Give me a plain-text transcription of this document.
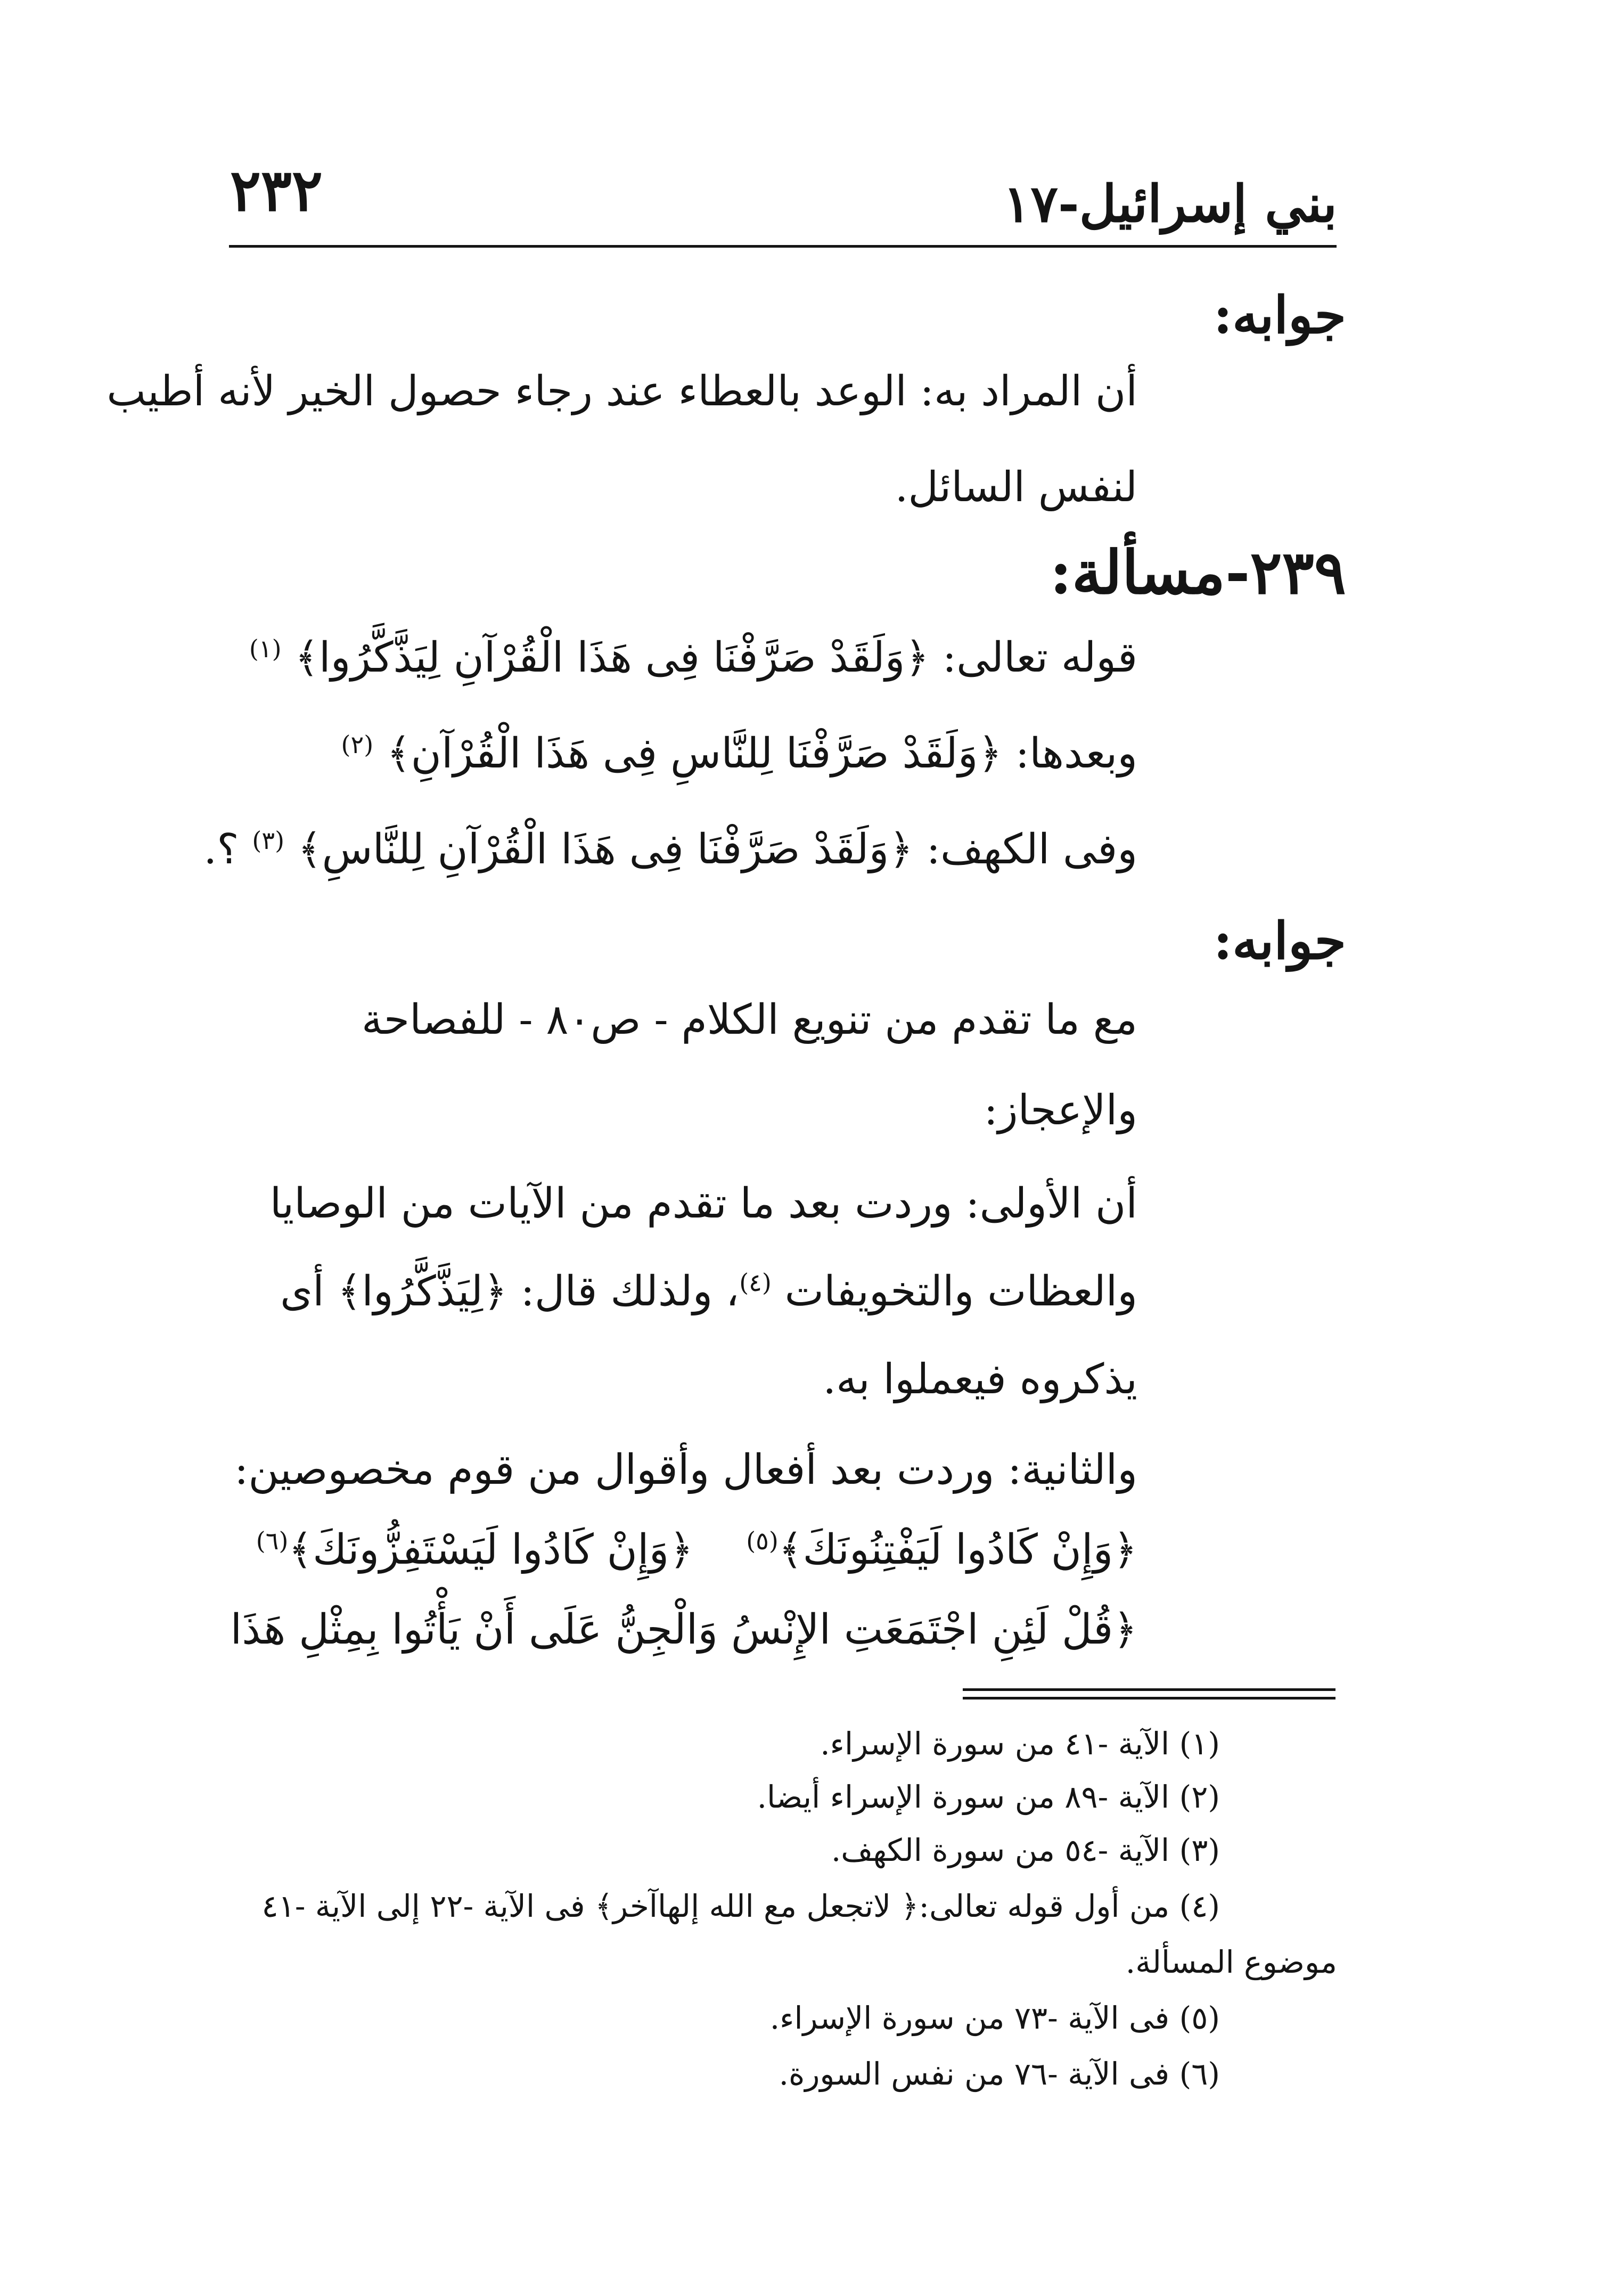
بني إسرائيل-١٧
٢٣٢
جوابه:
أن المراد به: الوعد بالعطاء عند رجاء حصول الخير لأنه أطيب
لنفس السائل.
٢٣٩-مسألة:
قوله تعالى: ﴿وَلَقَدْ صَرَّفْنَا فِى هَذَا الْقُرْآنِ لِيَذَّكَّرُوا﴾ $^{(١)}$
وبعدها: ﴿وَلَقَدْ صَرَّفْنَا لِلنَّاسِ فِى هَذَا الْقُرْآنِ﴾ $^{(٢)}$
وفى الكهف: ﴿وَلَقَدْ صَرَّفْنَا فِى هَذَا الْقُرْآنِ لِلنَّاسِ﴾ $^{(٣)}$ ؟.
جوابه:
مع ما تقدم من تنويع الكلام - ص٨٠ - للفصاحة
والإعجاز:
أن الأولى: وردت بعد ما تقدم من الآيات من الوصايا
والعظات والتخويفات $^{(٤)}$، ولذلك قال: ﴿لِيَذَّكَّرُوا﴾ أى
يذكروه فيعملوا به.
والثانية: وردت بعد أفعال وأقوال من قوم مخصوصين:
﴿وَإِنْ كَادُوا لَيَفْتِنُونَكَ﴾$^{(٥)}$    ﴿وَإِنْ كَادُوا لَيَسْتَفِزُّونَكَ﴾$^{(٦)}$
﴿قُلْ لَئِنِ اجْتَمَعَتِ الإِنْسُ وَالْجِنُّ عَلَى أَنْ يَأْتُوا بِمِثْلِ هَذَا
(١) الآية -٤١ من سورة الإسراء.
(٢) الآية -٨٩ من سورة الإسراء أيضا.
(٣) الآية -٥٤ من سورة الكهف.
(٤) من أول قوله تعالى:﴿ لاتجعل مع الله إلهاآخر﴾ فى الآية -٢٢ إلى الآية -٤١
موضوع المسألة.
(٥) فى الآية -٧٣ من سورة الإسراء.
(٦) فى الآية -٧٦ من نفس السورة.
